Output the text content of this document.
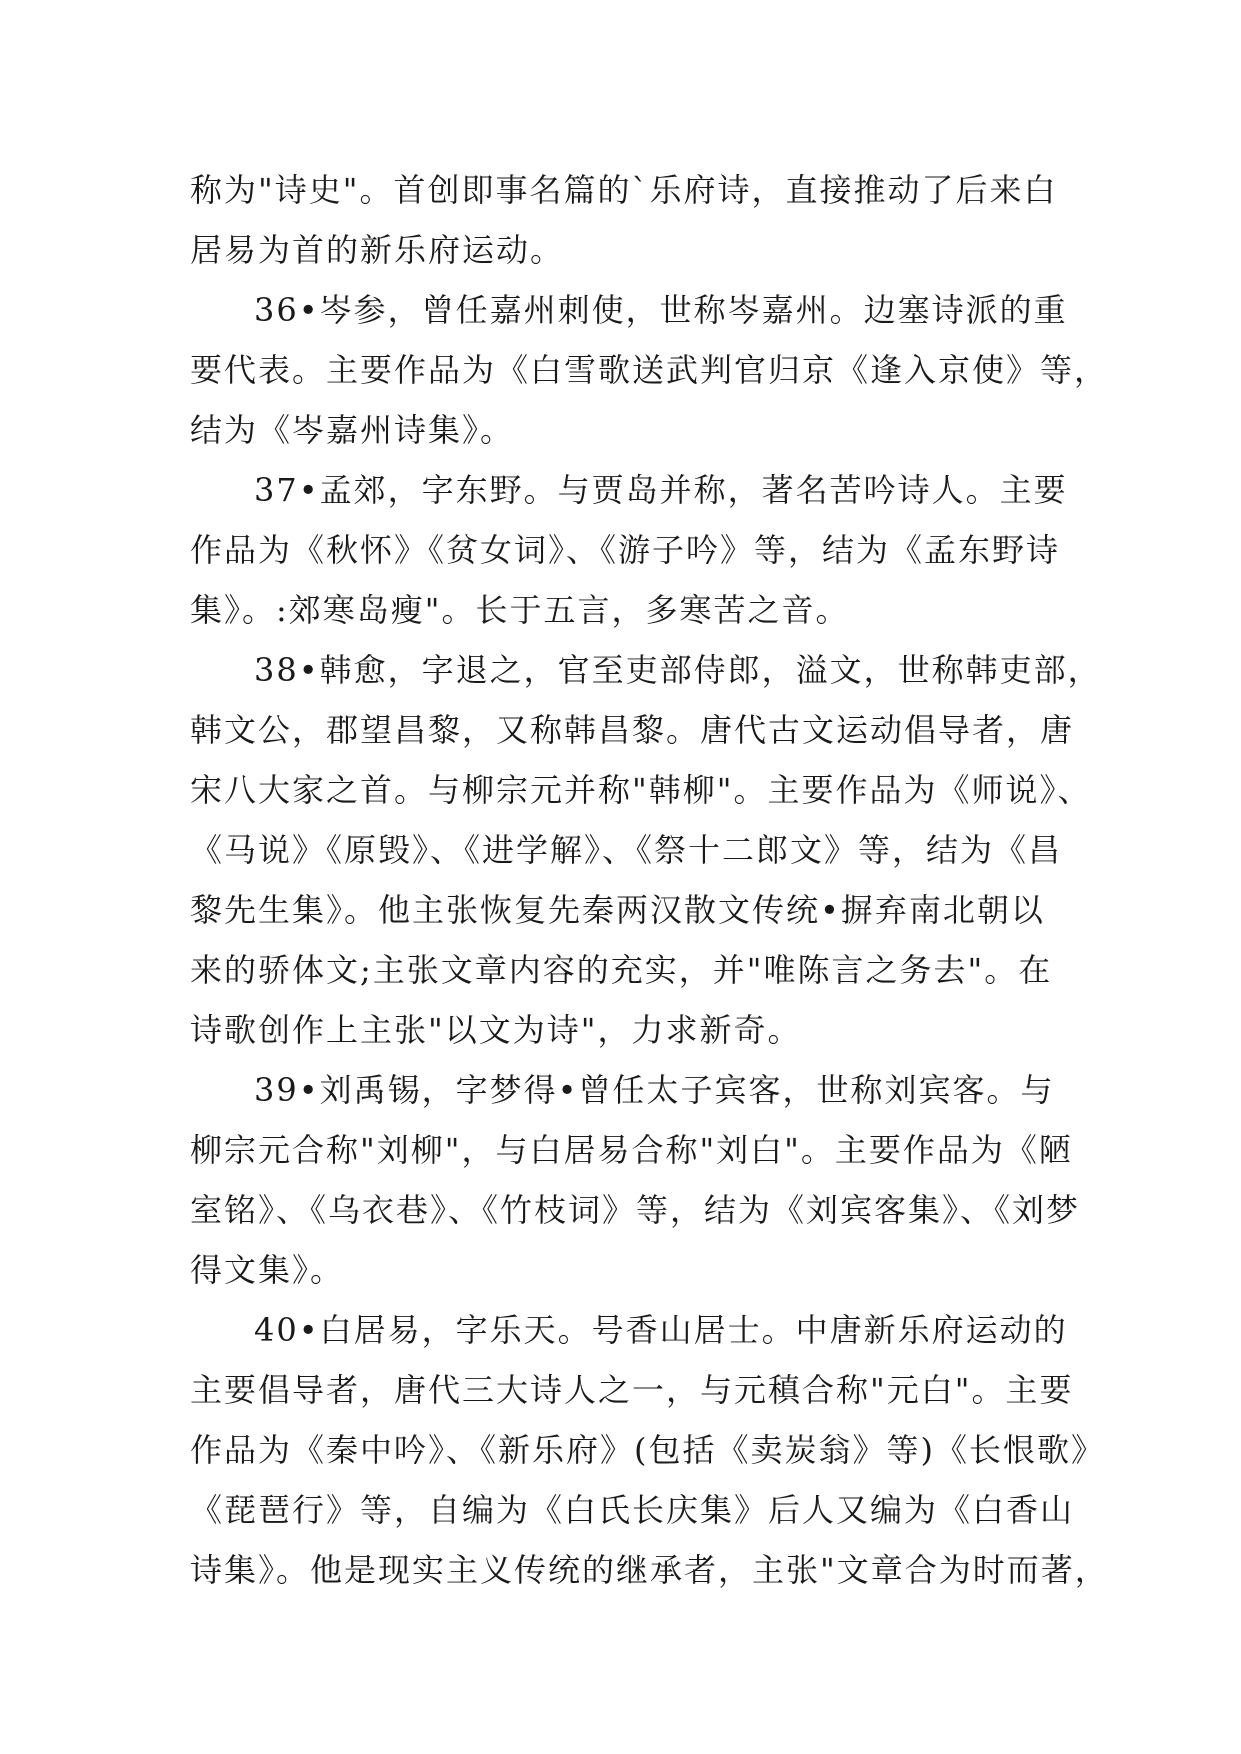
称为"诗史"。首创即事名篇的`乐府诗，直接推动了后来白
居易为首的新乐府运动。
36•岑参，曾任嘉州刺使，世称岑嘉州。边塞诗派的重
要代表。主要作品为《白雪歌送武判官归京《逢入京使》等，
结为《岑嘉州诗集》。
37•孟郊，字东野。与贾岛并称，著名苦吟诗人。主要
作品为《秋怀》《贫女词》、《游子吟》等，结为《孟东野诗
集》。:郊寒岛瘦"。长于五言，多寒苦之音。
38•韩愈，字退之，官至吏部侍郎，溢文，世称韩吏部，
韩文公，郡望昌黎，又称韩昌黎。唐代古文运动倡导者，唐
宋八大家之首。与柳宗元并称"韩柳"。主要作品为《师说》、
《马说》《原毁》、《进学解》、《祭十二郎文》等，结为《昌
黎先生集》。他主张恢复先秦两汉散文传统•摒弃南北朝以
来的骄体文;主张文章内容的充实，并"唯陈言之务去"。在
诗歌创作上主张"以文为诗"，力求新奇。
39•刘禹锡，字梦得•曾任太子宾客，世称刘宾客。与
柳宗元合称"刘柳"，与白居易合称"刘白"。主要作品为《陋
室铭》、《乌衣巷》、《竹枝词》等，结为《刘宾客集》、《刘梦
得文集》。
40•白居易，字乐天。号香山居士。中唐新乐府运动的
主要倡导者，唐代三大诗人之一，与元稹合称"元白"。主要
作品为《秦中吟》、《新乐府》(包括《卖炭翁》等)《长恨歌》
《琵琶行》等，自编为《白氏长庆集》后人又编为《白香山
诗集》。他是现实主义传统的继承者，主张"文章合为时而著，
